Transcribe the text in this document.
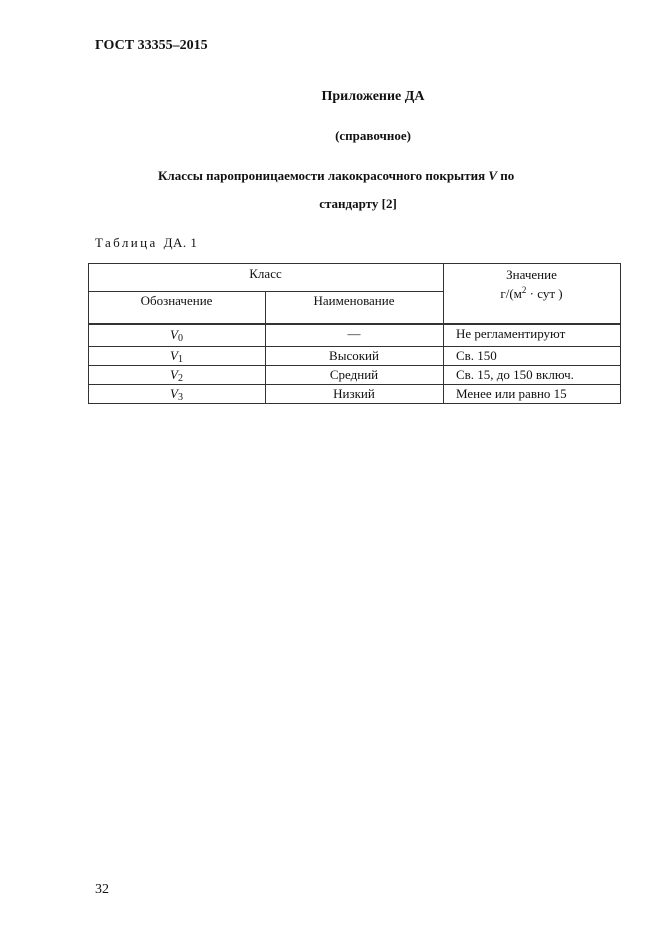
ГОСТ 33355–2015
Приложение ДА
(справочное)
Классы паропроницаемости лакокрасочного покрытия V по
стандарту [2]
Таблица ДА. 1
Класс
Обозначение	Наименование
Значение
$г/(м^2$ · сут )
$V_0$	—	Не регламентируют
$V_1$	Высокий	Св. 150
$V_2$	Средний	Св. 15, до 150 включ.
$V_3$	Низкий	Менее или равно 15
32
